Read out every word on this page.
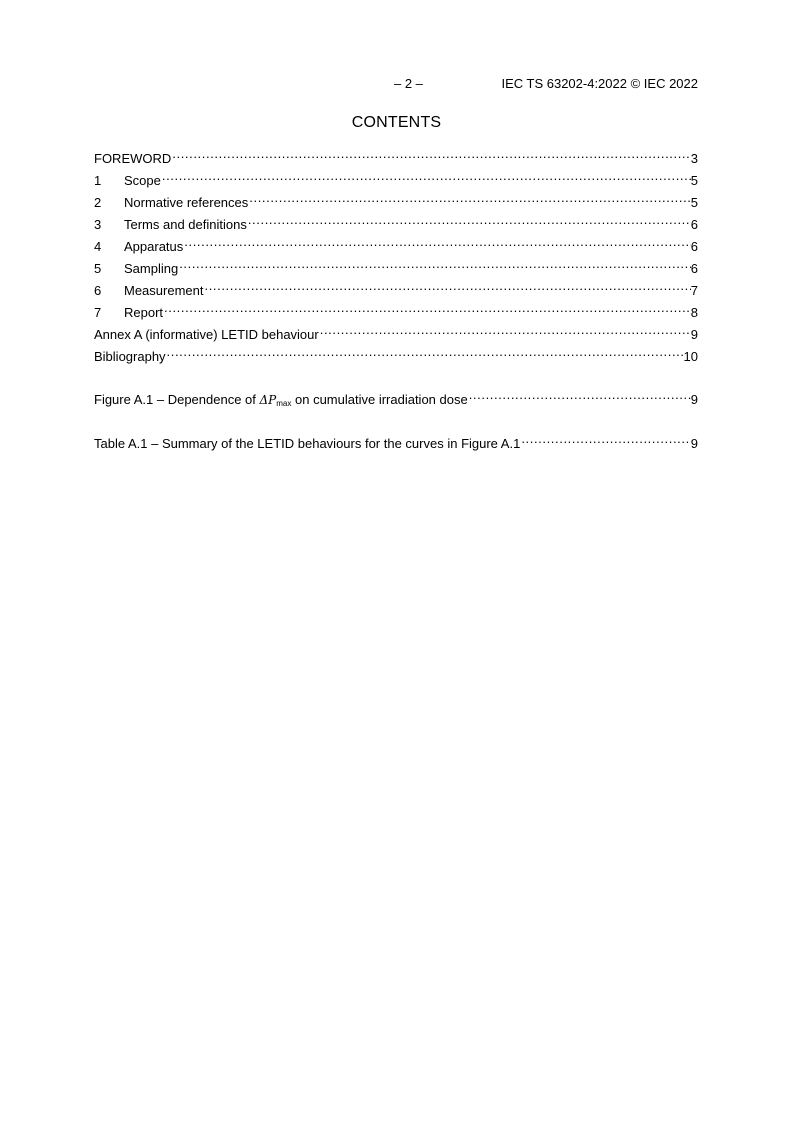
– 2 –	IEC TS 63202-4:2022 © IEC 2022
CONTENTS
FOREWORD .....	3
1	Scope .....	5
2	Normative references .....	5
3	Terms and definitions .....	6
4	Apparatus .....	6
5	Sampling .....	6
6	Measurement .....	7
7	Report .....	8
Annex A (informative) LETID behaviour .....	9
Bibliography .....	10
Figure A.1 – Dependence of $\Delta P_{max}$ on cumulative irradiation dose .....	9
Table A.1 – Summary of the LETID behaviours for the curves in Figure A.1 .....	9
